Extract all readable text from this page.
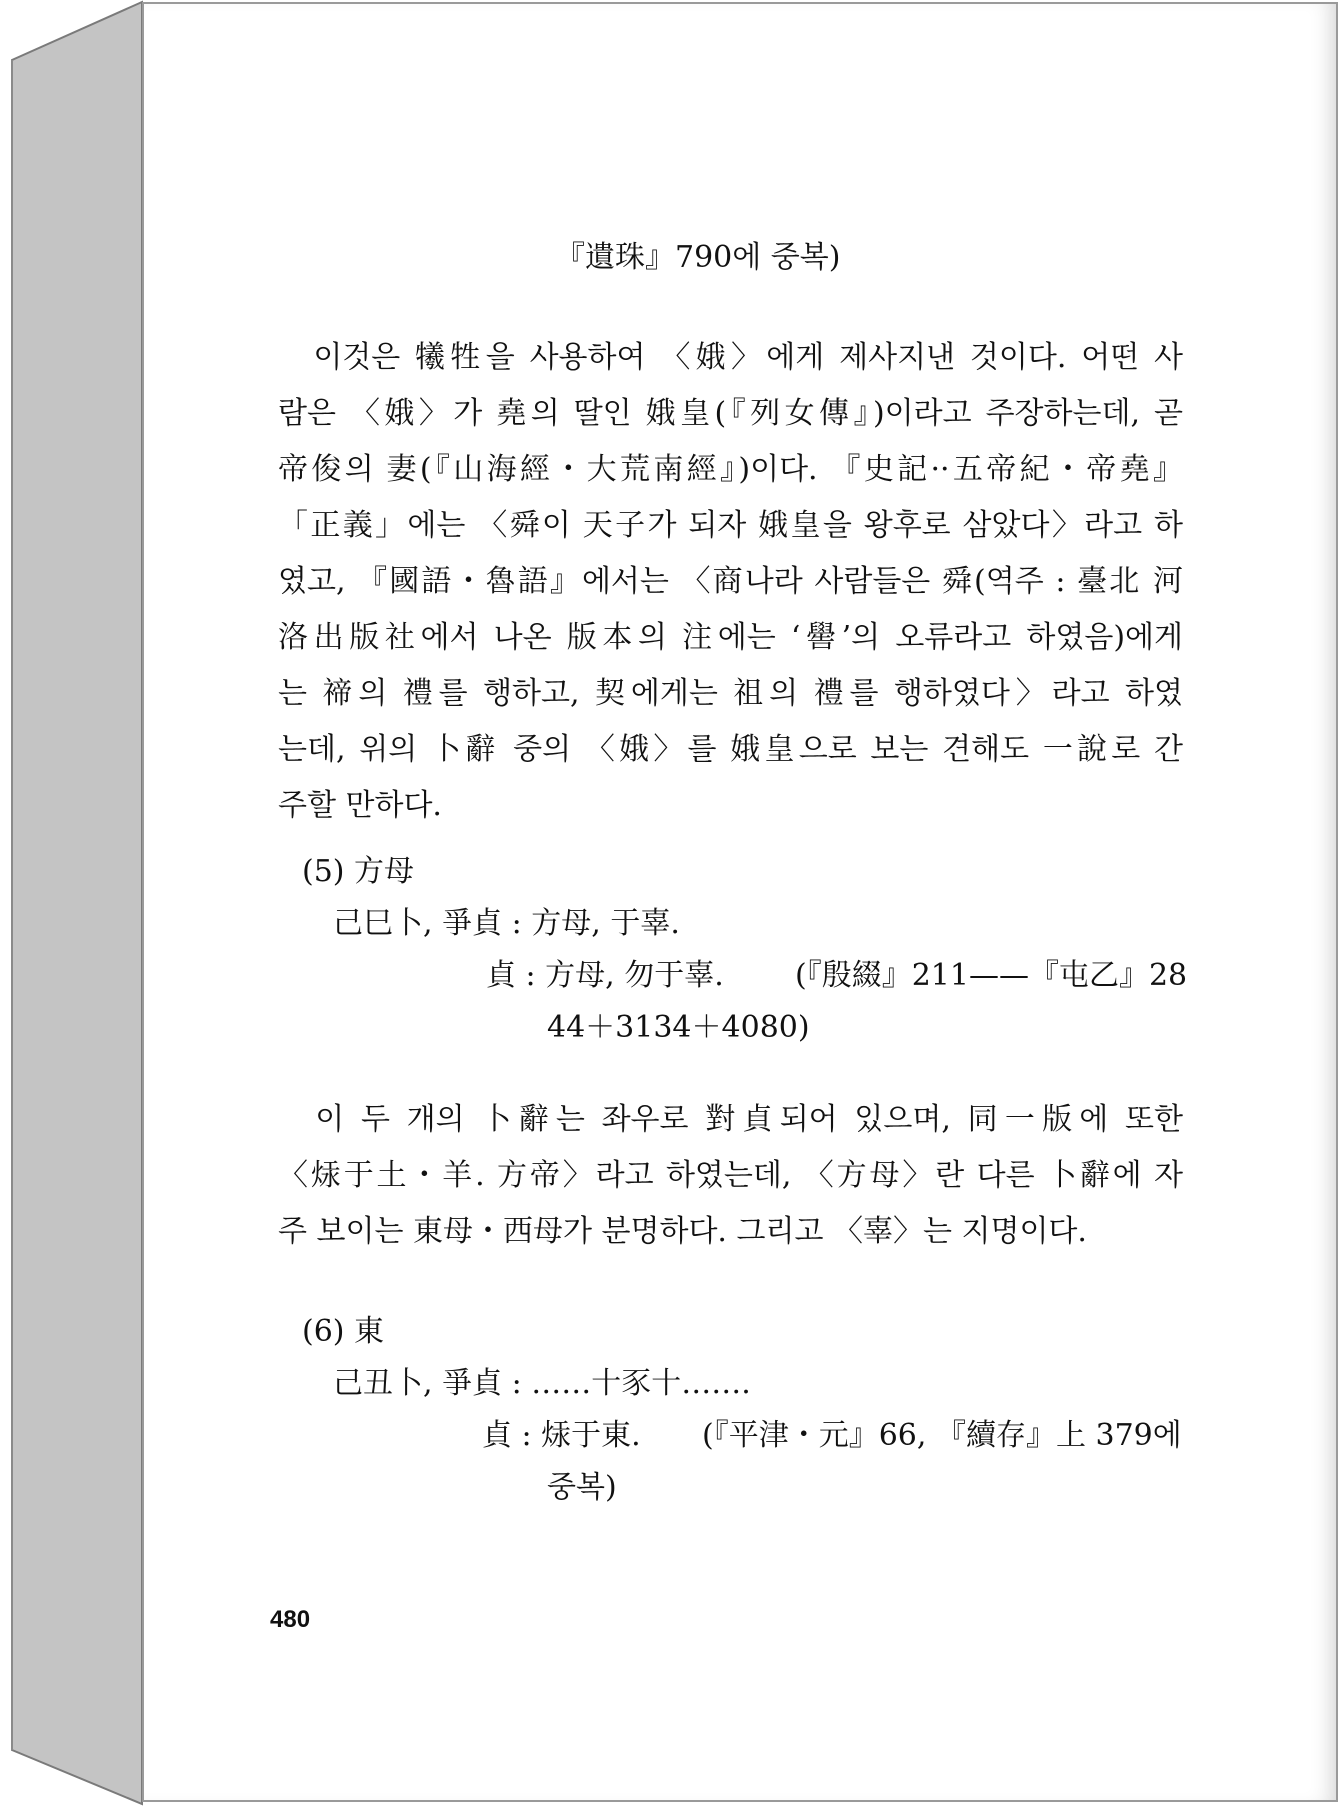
『遺珠』790에 중복)
　이것은 犧牲을 사용하여 〈娥〉에게 제사지낸 것이다. 어떤 사
람은 〈娥〉가 堯의 딸인 娥皇(『列女傳』)이라고 주장하는데, 곧
帝俊의 妻(『山海經・大荒南經』)이다. 『史記··五帝紀・帝堯』
「正義」에는 〈舜이 天子가 되자 娥皇을 왕후로 삼았다〉라고 하
였고, 『國語・魯語』에서는 〈商나라 사람들은 舜(역주 : 臺北 河
洛出版社에서 나온 版本의 注에는 ‘嚳’의 오류라고 하였음)에게
는 禘의 禮를 행하고, 契에게는 祖의 禮를 행하였다〉라고 하였
는데, 위의 卜辭 중의 〈娥〉를 娥皇으로 보는 견해도 一說로 간
주할 만하다.
(5) 方母
己巳卜, 爭貞 : 方母, 于辜.
貞 : 方母, 勿于辜. (『殷綴』211——『屯乙』28
44＋3134＋4080)
　이 두 개의 卜辭는 좌우로 對貞되어 있으며, 同一版에 또한
〈㶹于土・羊. 方帝〉라고 하였는데, 〈方母〉란 다른 卜辭에 자
주 보이는 東母・西母가 분명하다. 그리고 〈辜〉는 지명이다.
(6) 東
己丑卜, 爭貞 : ……十豕十…….
貞 : 㶹于東. (『平津・元』66, 『續存』上 379에
중복)
480
